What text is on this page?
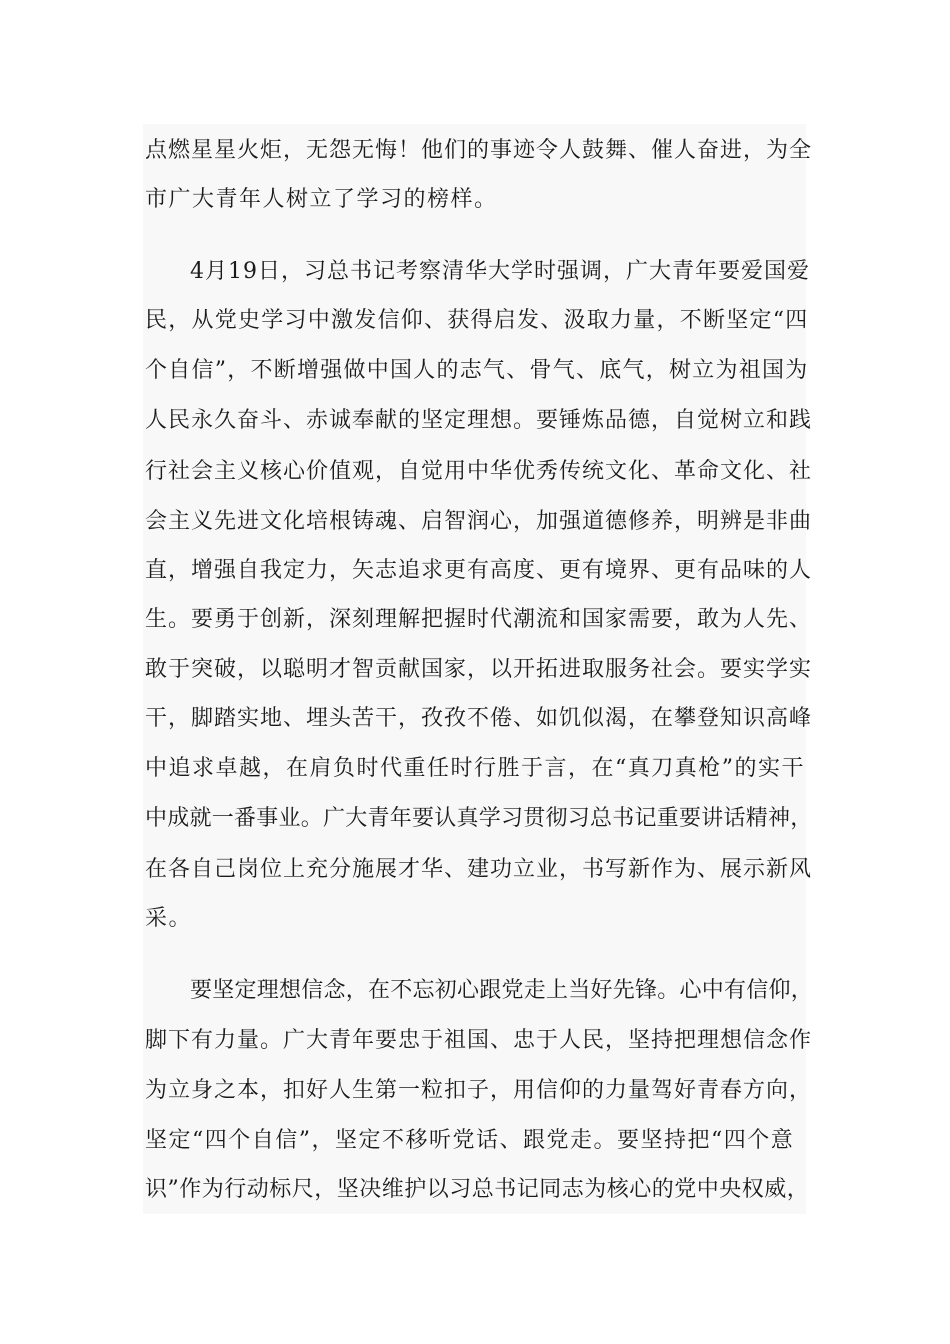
点燃星星火炬，无怨无悔！他们的事迹令人鼓舞、催人奋进，为全
市广大青年人树立了学习的榜样。
4月19日，习总书记考察清华大学时强调，广大青年要爱国爱
民，从党史学习中激发信仰、获得启发、汲取力量，不断坚定“四
个自信”，不断增强做中国人的志气、骨气、底气，树立为祖国为
人民永久奋斗、赤诚奉献的坚定理想。要锤炼品德，自觉树立和践
行社会主义核心价值观，自觉用中华优秀传统文化、革命文化、社
会主义先进文化培根铸魂、启智润心，加强道德修养，明辨是非曲
直，增强自我定力，矢志追求更有高度、更有境界、更有品味的人
生。要勇于创新，深刻理解把握时代潮流和国家需要，敢为人先、
敢于突破，以聪明才智贡献国家，以开拓进取服务社会。要实学实
干，脚踏实地、埋头苦干，孜孜不倦、如饥似渴，在攀登知识高峰
中追求卓越，在肩负时代重任时行胜于言，在“真刀真枪”的实干
中成就一番事业。广大青年要认真学习贯彻习总书记重要讲话精神，
在各自己岗位上充分施展才华、建功立业，书写新作为、展示新风
采。
要坚定理想信念，在不忘初心跟党走上当好先锋。心中有信仰，
脚下有力量。广大青年要忠于祖国、忠于人民，坚持把理想信念作
为立身之本，扣好人生第一粒扣子，用信仰的力量驾好青春方向，
坚定“四个自信”，坚定不移听党话、跟党走。要坚持把“四个意
识”作为行动标尺，坚决维护以习总书记同志为核心的党中央权威，
